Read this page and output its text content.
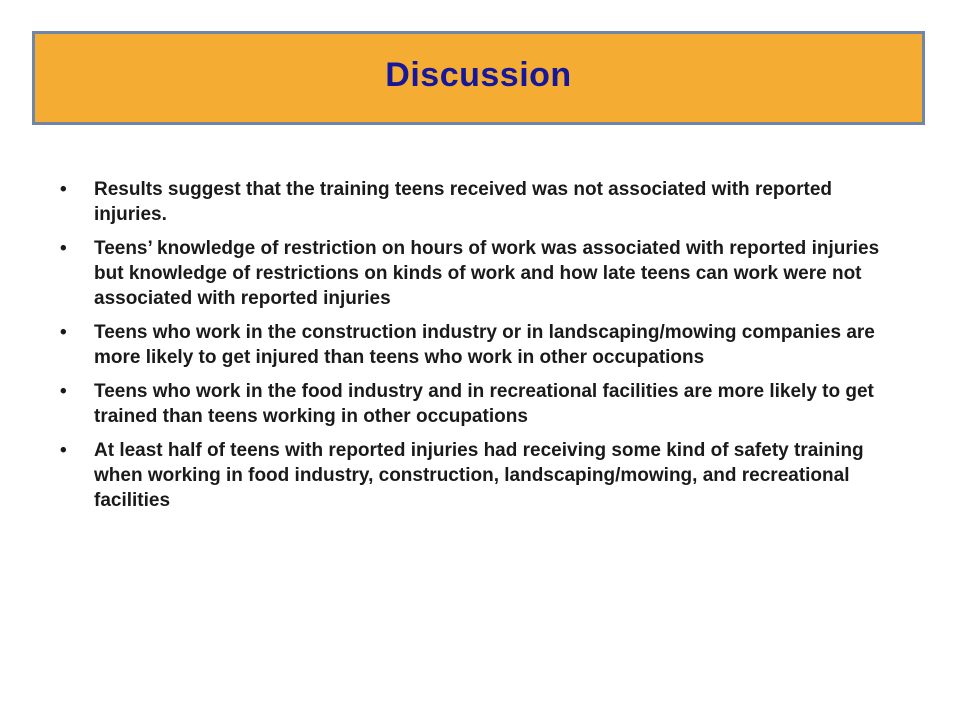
Discussion
•	Results suggest that the training teens received was not associated with reported injuries.
•	Teens’ knowledge of restriction on hours of work was associated with reported injuries but knowledge of restrictions on kinds of work and how late teens can work were not associated with reported injuries
•	Teens who work in the construction industry or in landscaping/mowing companies are more likely to get injured than teens who work in other occupations
•	Teens who work in the food industry and in recreational facilities are more likely to get trained than teens working in other occupations
•	At least half of teens with reported injuries had receiving some kind of safety training when working in food industry, construction, landscaping/mowing, and recreational facilities
